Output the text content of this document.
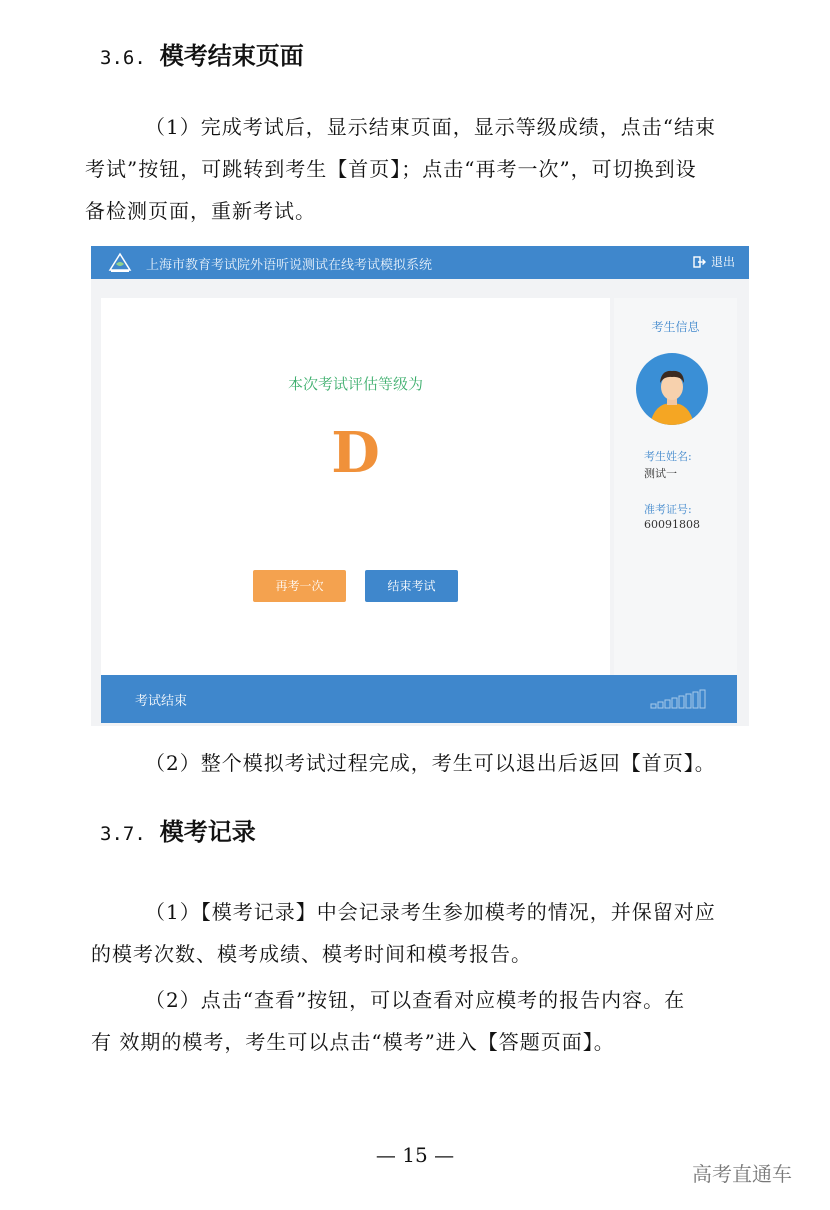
3.6. 模考结束页面
（1）完成考试后，显示结束页面，显示等级成绩，点击“结束
考试”按钮，可跳转到考生【首页】；点击“再考一次”，可切换到设
备检测页面，重新考试。
上海市教育考试院外语听说测试在线考试模拟系统	退出
本次考试评估等级为
D
再考一次	结束考试
考生信息
考生姓名:
测试一
准考证号:
60091808
考试结束
（2）整个模拟考试过程完成，考生可以退出后返回【首页】。
3.7. 模考记录
（1）【模考记录】中会记录考生参加模考的情况，并保留对应
的模考次数、模考成绩、模考时间和模考报告。
（2）点击“查看”按钮，可以查看对应模考的报告内容。在
有 效期的模考，考生可以点击“模考”进入【答题页面】。
— 15 —
高考直通车
